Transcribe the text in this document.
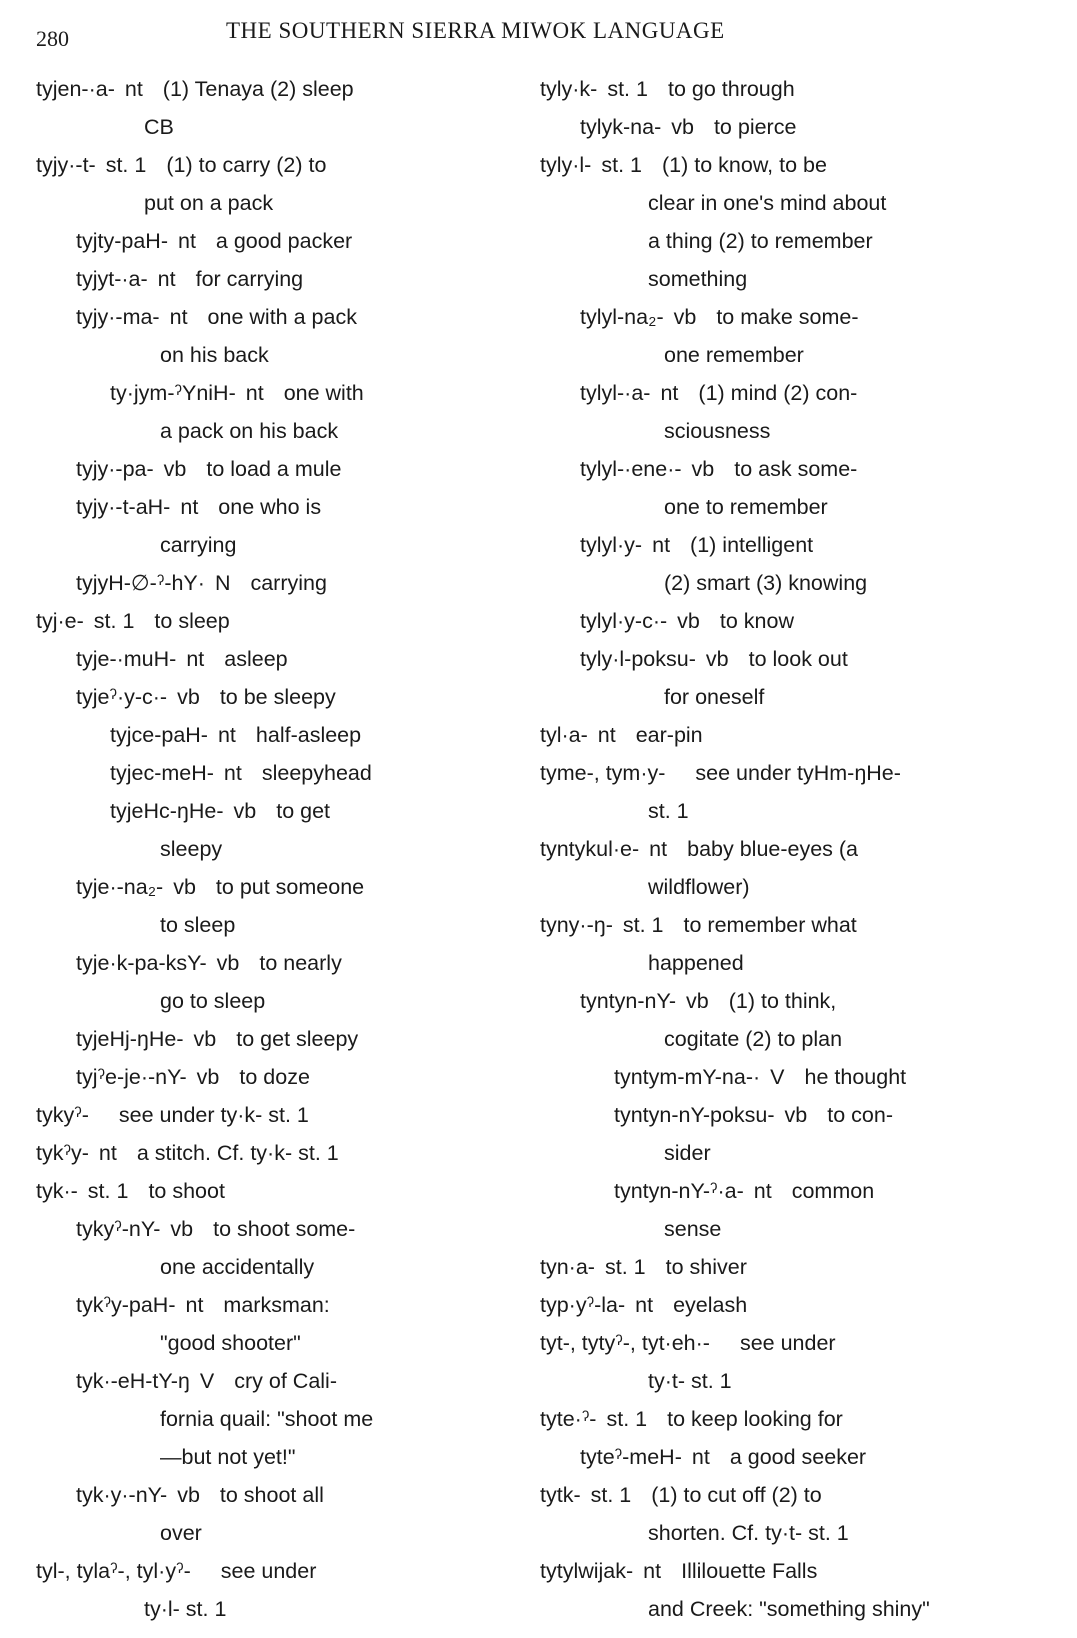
280	THE SOUTHERN SIERRA MIWOK LANGUAGE
tyjen-·a- nt (1) Tenaya (2) sleep
CB
tyjy·-t- st. 1 (1) to carry (2) to
put on a pack
tyjty-paH- nt a good packer
tyjyt-·a- nt for carrying
tyjy·-ma- nt one with a pack
on his back
ty·jym-ˀYniH- nt one with
a pack on his back
tyjy·-pa- vb to load a mule
tyjy·-t-aH- nt one who is
carrying
tyjyH-∅-ˀ-hY· N carrying
tyj·e- st. 1 to sleep
tyje-·muH- nt asleep
tyjeˀ·y-c·- vb to be sleepy
tyjce-paH- nt half-asleep
tyjec-meH- nt sleepyhead
tyjeHc-ŋHe- vb to get
sleepy
tyje·-na₂- vb to put someone
to sleep
tyje·k-pa-ksY- vb to nearly
go to sleep
tyjeHj-ŋHe- vb to get sleepy
tyjˀe-je·-nY- vb to doze
tykyˀ- see under ty·k- st. 1
tykˀy- nt a stitch. Cf. ty·k- st. 1
tyk·- st. 1 to shoot
tykyˀ-nY- vb to shoot some-
one accidentally
tykˀy-paH- nt marksman:
"good shooter"
tyk·-eH-tY-ŋ V cry of Cali-
fornia quail: "shoot me
—but not yet!"
tyk·y·-nY- vb to shoot all
over
tyl-, tylaˀ-, tyl·yˀ- see under
ty·l- st. 1
tyly·k- st. 1 to go through
tylyk-na- vb to pierce
tyly·l- st. 1 (1) to know, to be
clear in one's mind about
a thing (2) to remember
something
tylyl-na₂- vb to make some-
one remember
tylyl-·a- nt (1) mind (2) con-
sciousness
tylyl-·ene·- vb to ask some-
one to remember
tylyl·y- nt (1) intelligent
(2) smart (3) knowing
tylyl·y-c·- vb to know
tyly·l-poksu- vb to look out
for oneself
tyl·a- nt ear-pin
tyme-, tym·y- see under tyHm-ŋHe-
st. 1
tyntykul·e- nt baby blue-eyes (a
wildflower)
tyny·-ŋ- st. 1 to remember what
happened
tyntyn-nY- vb (1) to think,
cogitate (2) to plan
tyntym-mY-na-· V he thought
tyntyn-nY-poksu- vb to con-
sider
tyntyn-nY-ˀ·a- nt common
sense
tyn·a- st. 1 to shiver
typ·yˀ-la- nt eyelash
tyt-, tytyˀ-, tyt·eh·- see under
ty·t- st. 1
tyte·ˀ- st. 1 to keep looking for
tyteˀ-meH- nt a good seeker
tytk- st. 1 (1) to cut off (2) to
shorten. Cf. ty·t- st. 1
tytylwijak- nt Illilouette Falls
and Creek: "something shiny"
